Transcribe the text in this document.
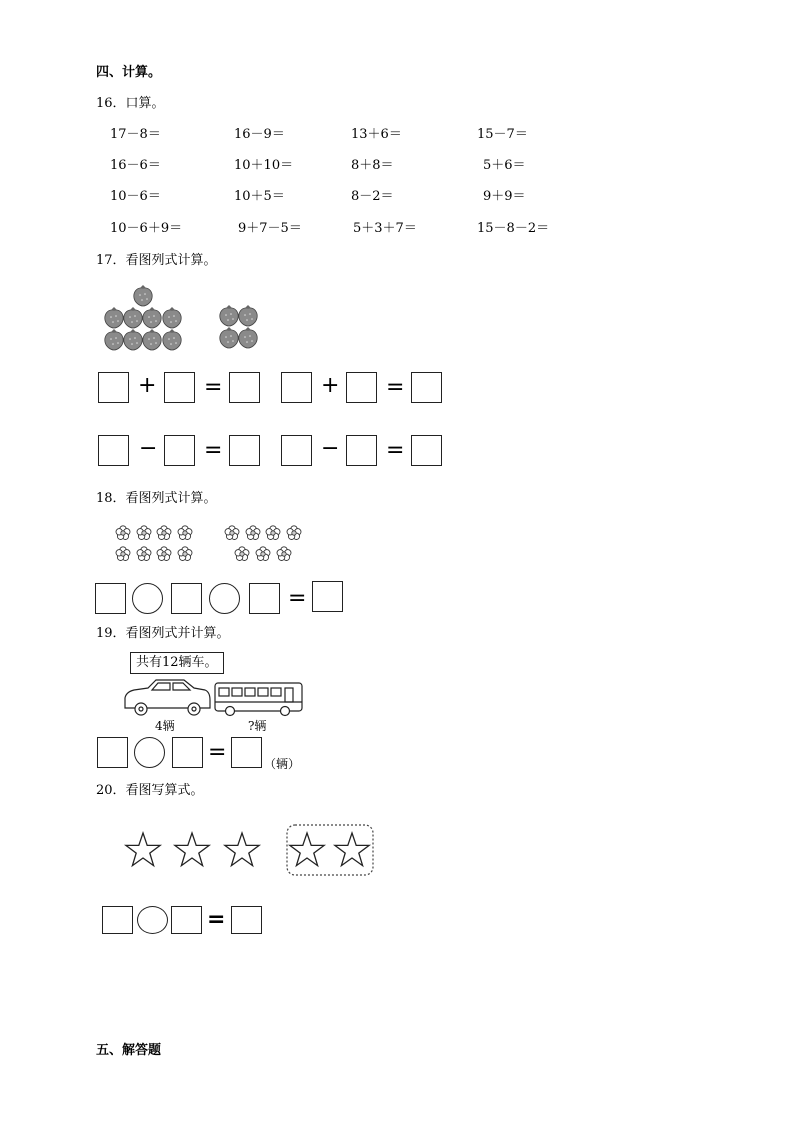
四、计算。
16．口算。
17－8＝	16－9＝	13＋6＝	15－7＝
16－6＝	10＋10＝	8＋8＝	5＋6＝
10－6＝	10＋5＝	8－2＝	9＋9＝
10－6＋9＝	9＋7－5＝	5＋3＋7＝	15－8－2＝
17．看图列式计算。
+ =	+ =
− =	− =
18．看图列式计算。
=
19．看图列式并计算。
共有12辆车。
4辆	?辆
=	（辆）
20．看图写算式。
=
五、解答题
